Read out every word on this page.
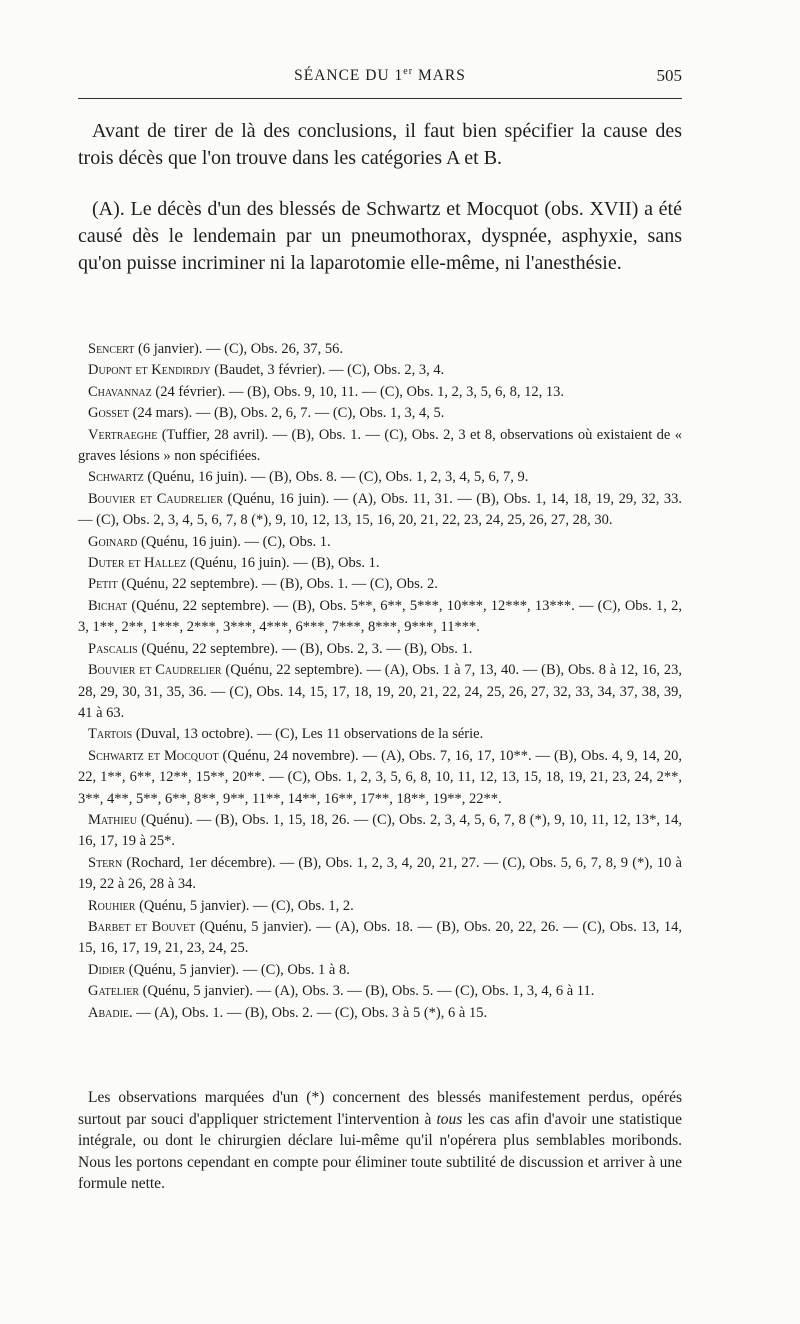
SÉANCE DU 1er MARS	505

Avant de tirer de là des conclusions, il faut bien spécifier la cause des trois décès que l'on trouve dans les catégories A et B.

(A). Le décès d'un des blessés de Schwartz et Mocquot (obs. XVII) a été causé dès le lendemain par un pneumothorax, dyspnée, asphyxie, sans qu'on puisse incriminer ni la laparotomie elle-même, ni l'anesthésie.

Sencert (6 janvier). — (C), Obs. 26, 37, 56.

Dupont et Kendirdjy (Baudet, 3 février). — (C), Obs. 2, 3, 4.

Chavannaz (24 février). — (B), Obs. 9, 10, 11. — (C), Obs. 1, 2, 3, 5, 6, 8, 12, 13.

Gosset (24 mars). — (B), Obs. 2, 6, 7. — (C), Obs. 1, 3, 4, 5.

Vertraeghe (Tuffier, 28 avril). — (B), Obs. 1. — (C), Obs. 2, 3 et 8, observations où existaient de « graves lésions » non spécifiées.

Schwartz (Quénu, 16 juin). — (B), Obs. 8. — (C), Obs. 1, 2, 3, 4, 5, 6, 7, 9.

Bouvier et Caudrelier (Quénu, 16 juin). — (A), Obs. 11, 31. — (B), Obs. 1, 14, 18, 19, 29, 32, 33. — (C), Obs. 2, 3, 4, 5, 6, 7, 8 (*), 9, 10, 12, 13, 15, 16, 20, 21, 22, 23, 24, 25, 26, 27, 28, 30.

Goinard (Quénu, 16 juin). — (C), Obs. 1.

Duter et Hallez (Quénu, 16 juin). — (B), Obs. 1.

Petit (Quénu, 22 septembre). — (B), Obs. 1. — (C), Obs. 2.

Bichat (Quénu, 22 septembre). — (B), Obs. 5**, 6**, 5***, 10***, 12***, 13***. — (C), Obs. 1, 2, 3, 1**, 2**, 1***, 2***, 3***, 4***, 6***, 7***, 8***, 9***, 11***.

Pascalis (Quénu, 22 septembre). — (B), Obs. 2, 3. — (B), Obs. 1.

Bouvier et Caudrelier (Quénu, 22 septembre). — (A), Obs. 1 à 7, 13, 40. — (B), Obs. 8 à 12, 16, 23, 28, 29, 30, 31, 35, 36. — (C), Obs. 14, 15, 17, 18, 19, 20, 21, 22, 24, 25, 26, 27, 32, 33, 34, 37, 38, 39, 41 à 63.

Tartois (Duval, 13 octobre). — (C), Les 11 observations de la série.

Schwartz et Mocquot (Quénu, 24 novembre). — (A), Obs. 7, 16, 17, 10**. — (B), Obs. 4, 9, 14, 20, 22, 1**, 6**, 12**, 15**, 20**. — (C), Obs. 1, 2, 3, 5, 6, 8, 10, 11, 12, 13, 15, 18, 19, 21, 23, 24, 2**, 3**, 4**, 5**, 6**, 8**, 9**, 11**, 14**, 16**, 17**, 18**, 19**, 22**.

Mathieu (Quénu). — (B), Obs. 1, 15, 18, 26. — (C), Obs. 2, 3, 4, 5, 6, 7, 8 (*), 9, 10, 11, 12, 13*, 14, 16, 17, 19 à 25*.

Stern (Rochard, 1er décembre). — (B), Obs. 1, 2, 3, 4, 20, 21, 27. — (C), Obs. 5, 6, 7, 8, 9 (*), 10 à 19, 22 à 26, 28 à 34.

Rouhier (Quénu, 5 janvier). — (C), Obs. 1, 2.

Barbet et Bouvet (Quénu, 5 janvier). — (A), Obs. 18. — (B), Obs. 20, 22, 26. — (C), Obs. 13, 14, 15, 16, 17, 19, 21, 23, 24, 25.

Didier (Quénu, 5 janvier). — (C), Obs. 1 à 8.

Gatelier (Quénu, 5 janvier). — (A), Obs. 3. — (B), Obs. 5. — (C), Obs. 1, 3, 4, 6 à 11.

Abadie. — (A), Obs. 1. — (B), Obs. 2. — (C), Obs. 3 à 5 (*), 6 à 15.

Les observations marquées d'un (*) concernent des blessés manifestement perdus, opérés surtout par souci d'appliquer strictement l'intervention à tous les cas afin d'avoir une statistique intégrale, ou dont le chirurgien déclare lui-même qu'il n'opérera plus semblables moribonds. Nous les portons cependant en compte pour éliminer toute subtilité de discussion et arriver à une formule nette.
